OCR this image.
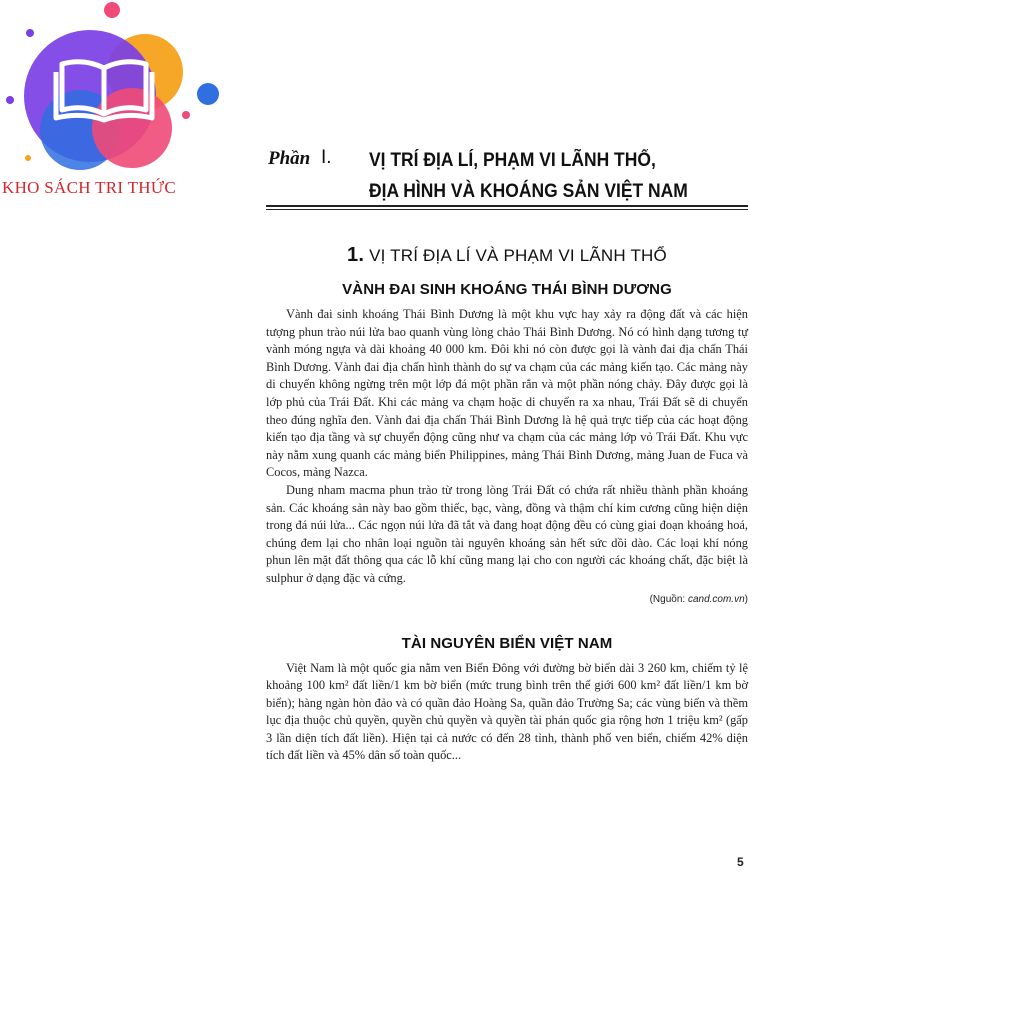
KHO SÁCH TRI THỨC
Phần I. VỊ TRÍ ĐỊA LÍ, PHẠM VI LÃNH THỔ,
ĐỊA HÌNH VÀ KHOÁNG SẢN VIỆT NAM
1. VỊ TRÍ ĐỊA LÍ VÀ PHẠM VI LÃNH THỔ
VÀNH ĐAI SINH KHOÁNG THÁI BÌNH DƯƠNG

Vành đai sinh khoáng Thái Bình Dương là một khu vực hay xảy ra động đất và các hiện tượng phun trào núi lửa bao quanh vùng lòng chảo Thái Bình Dương. Nó có hình dạng tương tự vành móng ngựa và dài khoảng 40 000 km. Đôi khi nó còn được gọi là vành đai địa chấn Thái Bình Dương. Vành đai địa chấn hình thành do sự va chạm của các mảng kiến tạo. Các mảng này di chuyển không ngừng trên một lớp đá một phần rắn và một phần nóng chảy. Đây được gọi là lớp phủ của Trái Đất. Khi các mảng va chạm hoặc di chuyển ra xa nhau, Trái Đất sẽ di chuyển theo đúng nghĩa đen. Vành đai địa chấn Thái Bình Dương là hệ quả trực tiếp của các hoạt động kiến tạo địa tầng và sự chuyển động cũng như va chạm của các mảng lớp vỏ Trái Đất. Khu vực này nằm xung quanh các mảng biển Philippines, mảng Thái Bình Dương, mảng Juan de Fuca và Cocos, mảng Nazca.

Dung nham macma phun trào từ trong lòng Trái Đất có chứa rất nhiều thành phần khoáng sản. Các khoáng sản này bao gồm thiếc, bạc, vàng, đồng và thậm chí kim cương cũng hiện diện trong đá núi lửa... Các ngọn núi lửa đã tắt và đang hoạt động đều có cùng giai đoạn khoáng hoá, chúng đem lại cho nhân loại nguồn tài nguyên khoáng sản hết sức dồi dào. Các loại khí nóng phun lên mặt đất thông qua các lỗ khí cũng mang lại cho con người các khoáng chất, đặc biệt là sulphur ở dạng đặc và cứng.

(Nguồn: cand.com.vn)
TÀI NGUYÊN BIỂN VIỆT NAM

Việt Nam là một quốc gia nằm ven Biển Đông với đường bờ biển dài 3 260 km, chiếm tỷ lệ khoảng 100 km² đất liền/1 km bờ biển (mức trung bình trên thế giới 600 km² đất liền/1 km bờ biển); hàng ngàn hòn đảo và có quần đảo Hoàng Sa, quần đảo Trường Sa; các vùng biển và thềm lục địa thuộc chủ quyền, quyền chủ quyền và quyền tài phán quốc gia rộng hơn 1 triệu km² (gấp 3 lần diện tích đất liền). Hiện tại cả nước có đến 28 tỉnh, thành phố ven biển, chiếm 42% diện tích đất liền và 45% dân số toàn quốc...

5
